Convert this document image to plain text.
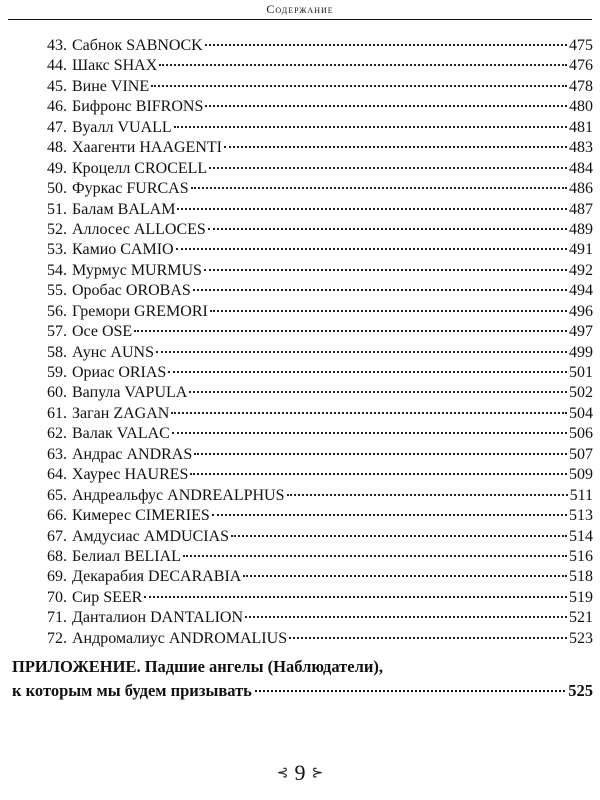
Содержание
43. Сабнок SABNOCK	475
44. Шакс SHAX	476
45. Вине VINE	478
46. Бифронс BIFRONS	480
47. Вуалл VUALL	481
48. Хаагенти HAAGENTI	483
49. Кроцелл CROCELL	484
50. Фуркас FURCAS	486
51. Балам BALAM	487
52. Аллосес ALLOCES	489
53. Камио CAMIO	491
54. Мурмус MURMUS	492
55. Оробас OROBAS	494
56. Гремори GREMORI	496
57. Осе OSE	497
58. Аунс AUNS	499
59. Ориас ORIAS	501
60. Вапула VAPULA	502
61. Заган ZAGAN	504
62. Валак VALAC	506
63. Андрас ANDRAS	507
64. Хаурес HAURES	509
65. Андреальфус ANDREALPHUS	511
66. Кимерес CIMERIES	513
67. Амдусиас AMDUCIAS	514
68. Белиал BELIAL	516
69. Декарабия DECARABIA	518
70. Сир SEER	519
71. Данталион DANTALION	521
72. Андромалиус ANDROMALIUS	523
ПРИЛОЖЕНИЕ. Падшие ангелы (Наблюдатели),
к которым мы будем призывать	525
⊰ 9 ⊱
